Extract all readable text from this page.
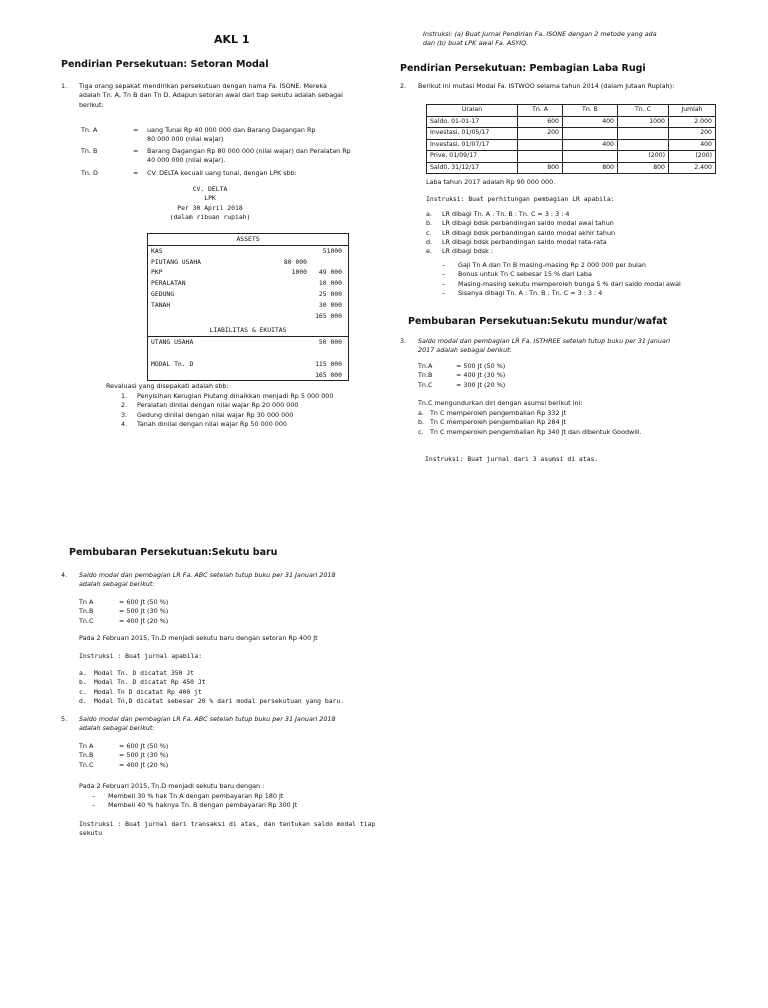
AKL 1
Pendirian Persekutuan: Setoran Modal
1. Tiga orang sepakat mendirikan persekutuan dengan nama Fa. ISONE. Mereka
adalah Tn. A, Tn B dan Tn D. Adapun setoran awal dari tiap sekutu adalah sebagai
berikut:
Tn. A	= uang Tunai Rp 40 000 000 dan Barang Dagangan Rp
80 000 000 (nilai wajar)
Tn. B	= Barang Dagangan Rp 80 000 000 (nilai wajar) dan Peralatan Rp
40 000 000 (nilai wajar).
Tn. D	= CV. DELTA kecuali uang tunai, dengan LPK sbb:
CV. DELTA
LPK
Per 30 April 2018
(dalam ribuan rupiah)
ASSETS
KAS	51000
PIUTANG USAHA	80 000
PKP	1000	49 000
PERALATAN	10 000
GEDUNG	25 000
TANAH	30 000
165 000
LIABILITAS & EKUITAS
UTANG USAHA	50 000
MODAL Tn. D	115 000
165 000
Revaluasi yang disepakati adalah sbb:
1.	Penyisihan Kerugian Piutang dinaikkan menjadi Rp 5 000 000
2.	Peralatan dinilai dengan nilai wajar Rp 20 000 000
3.	Gedung dinilai dengan nilai wajar Rp 30 000 000
4.	Tanah dinilai dengan nilai wajar Rp 50 000 000
Instruksi: (a) Buat Jurnal Pendirian Fa. ISONE dengan 2 metode yang ada
dan (b) buat LPK awal Fa. ASYIQ.
Pendirian Persekutuan: Pembagian Laba Rugi
2. Berikut ini mutasi Modal Fa. ISTWOO selama tahun 2014 (dalam Jutaan Rupiah):
Uraian	Tn. A	Tn. B	Tn. C	Jumlah
Saldo, 01-01-17	600	400	1000	2.000
Investasi, 01/05/17	200			200
Investasi, 01/07/17		400		400
Prive, 01/09/17			(200)	(200)
Sald0, 31/12/17	800	800	800	2.400
Laba tahun 2017 adalah Rp 90 000 000.
Instruksi: Buat perhitungan pembagian LR apabila:
a.	LR dibagi Tn. A : Tn. B : Tn. C = 3 : 3 : 4
b.	LR dibagi bdsk perbandingan saldo modal awal tahun
c.	LR dibagi bdsk perbandingan saldo modal akhir tahun
d.	LR dibagi bdsk perbandingan saldo modal rata-rata
e.	LR dibagi bdsk :
–	Gaji Tn A dan Tn B masing-masing Rp 2 000 000 per bulan
–	Bonus untuk Tn C sebesar 15 % dari Laba
–	Masing-masing sekutu memperoleh bunga 5 % dari saldo modal awal
–	Sisanya dibagi Tn. A : Tn. B : Tn. C = 3 : 3 : 4
Pembubaran Persekutuan:Sekutu mundur/wafat
3. Saldo modal dan pembagian LR Fa. ISTHREE setelah tutup buku per 31 Januari
2017 adalah sebagai berikut:
Tn.A	= 500 Jt (50 %)
Tn.B	= 400 Jt (30 %)
Tn.C	= 300 Jt (20 %)
Tn.C mengundurkan diri dengan asumsi berikut ini:
a. Tn C memperoleh pengembalian Rp 332 Jt
b. Tn C memperoleh pengembalian Rp 284 Jt
c.	Tn C memperoleh pengembalian Rp 340 Jt dan dibentuk Goodwill.
Instruksi: Buat jurnal dari 3 asumsi di atas.
Pembubaran Persekutuan:Sekutu baru
4. Saldo modal dan pembagian LR Fa. ABC setelah tutup buku per 31 Januari 2018
adalah sebagai berikut:
Tn A	= 600 Jt (50 %)
Tn.B	= 500 Jt (30 %)
Tn.C	= 400 Jt (20 %)
Pada 2 Februari 2015, Tn.D menjadi sekutu baru dengan setoran Rp 400 Jt
Instruksi : Buat jurnal apabila:
a.	Modal Tn. D dicatat 350 Jt
b.	Modal Tn. D dicatat Rp 450 Jt
c.	Modal Tn D dicatat Rp 400 jt
d.	Modal Tn,D dicatat sebesar 20 % dari modal persekutuan yang baru.
5. Saldo modal dan pembagian LR Fa. ABC setelah tutup buku per 31 Januari 2018
adalah sebagai berikut:
Tn A	= 600 Jt (50 %)
Tn.B	= 500 Jt (30 %)
Tn.C	= 400 Jt (20 %)
Pada 2 Februari 2015, Tn.D menjadi sekutu baru dengan :
–	Membeli 30 % hak Tn A dengan pembayaran Rp 180 Jt
–	Membeli 40 % haknya Tn. B dengan pembayaran Rp 300 Jt
Instruksi : Buat jurnal dari transaksi di atas, dan tentukan saldo modal tiap
sekutu
